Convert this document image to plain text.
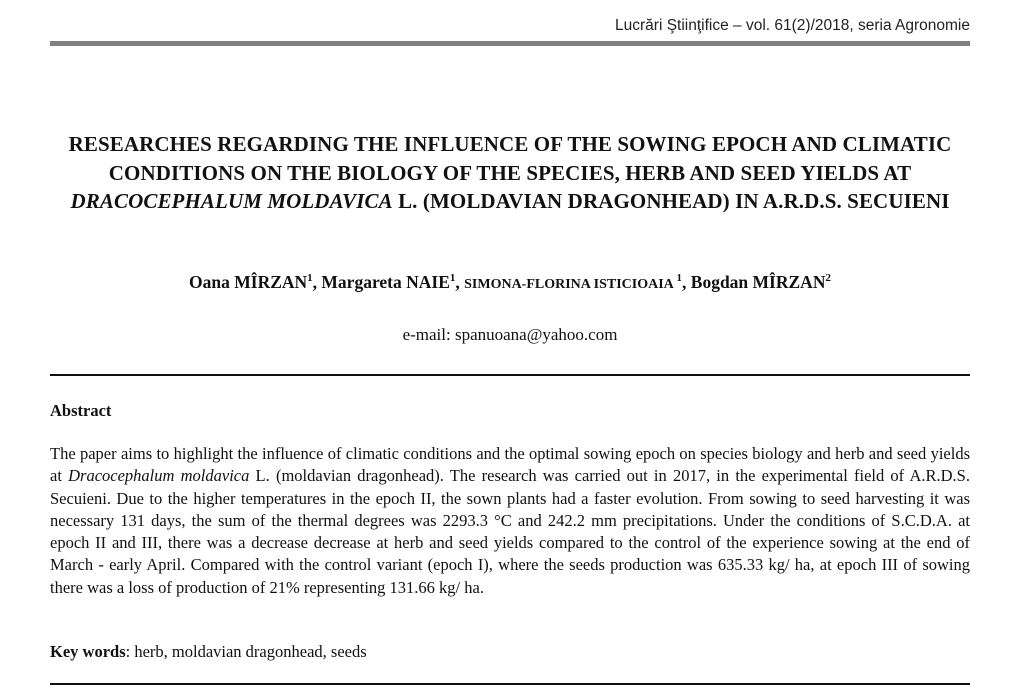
Lucrări Ştiinţifice – vol. 61(2)/2018, seria Agronomie
RESEARCHES REGARDING THE INFLUENCE OF THE SOWING EPOCH AND CLIMATIC CONDITIONS ON THE BIOLOGY OF THE SPECIES, HERB AND SEED YIELDS AT DRACOCEPHALUM MOLDAVICA L. (MOLDAVIAN DRAGONHEAD) IN A.R.D.S. SECUIENI
Oana MÎRZAN$^1$, Margareta NAIE$^1$, SIMONA-FLORINA ISTICIOAIA $^1$, Bogdan MÎRZAN$^2$
e-mail: spanuoana@yahoo.com
Abstract

The paper aims to highlight the influence of climatic conditions and the optimal sowing epoch on species biology and herb and seed yields at Dracocephalum moldavica L. (moldavian dragonhead). The research was carried out in 2017, in the experimental field of A.R.D.S. Secuieni. Due to the higher temperatures in the epoch II, the sown plants had a faster evolution. From sowing to seed harvesting it was necessary 131 days, the sum of the thermal degrees was 2293.3 °C and 242.2 mm precipitations. Under the conditions of S.C.D.A. at epoch II and III, there was a decrease decrease at herb and seed yields compared to the control of the experience sowing at the end of March - early April. Compared with the control variant (epoch I), where the seeds production was 635.33 kg/ ha, at epoch III of sowing there was a loss of production of 21% representing 131.66 kg/ ha.

Key words: herb, moldavian dragonhead, seeds
